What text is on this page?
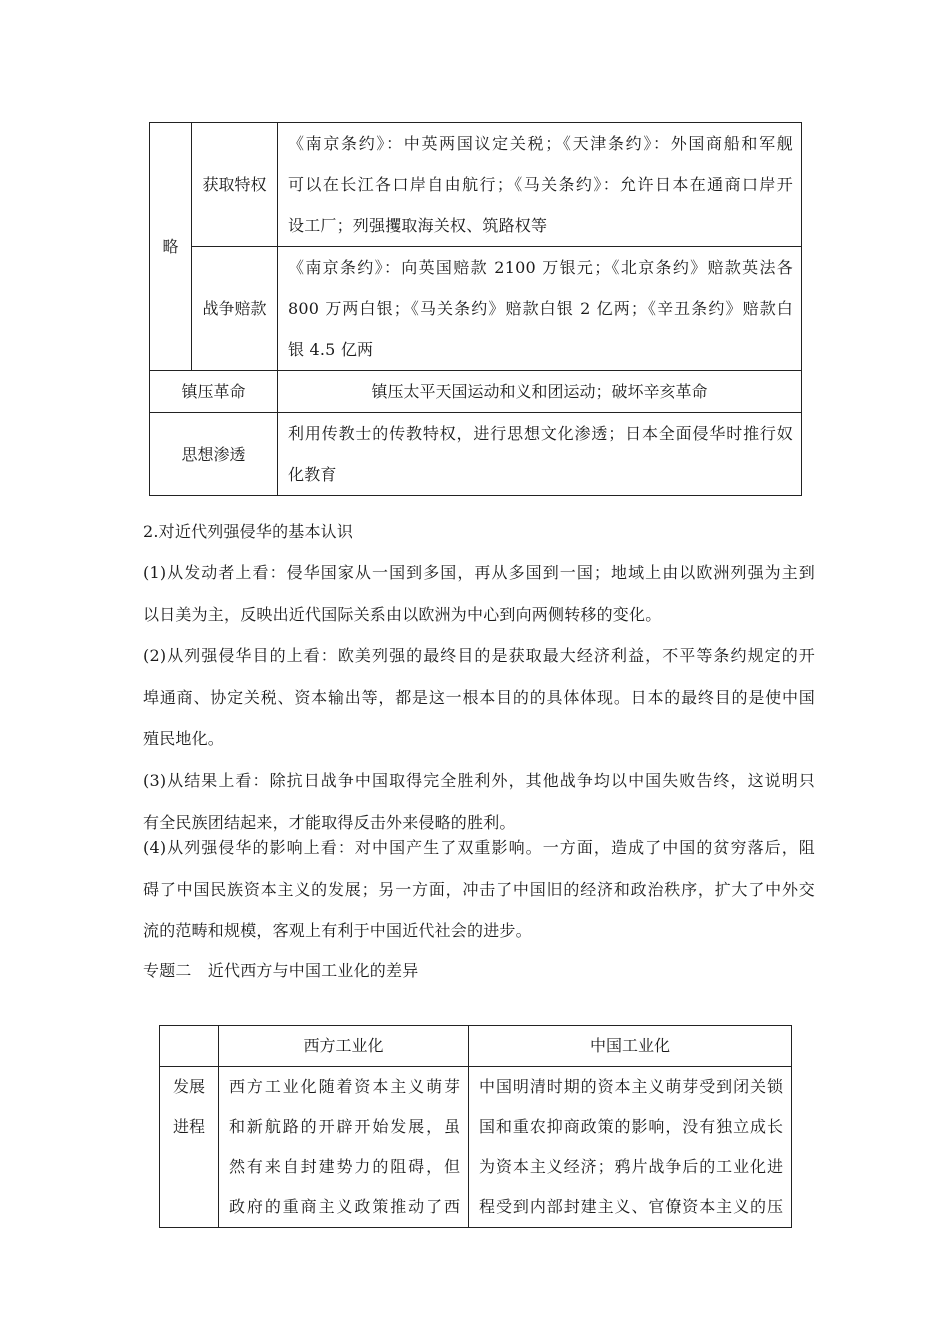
略	获取特权	《南京条约》：中英两国议定关税；《天津条约》：外国商船和军舰
可以在长江各口岸自由航行；《马关条约》：允许日本在通商口岸开
设工厂；列强攫取海关权、筑路权等

	战争赔款	《南京条约》：向英国赔款 2100 万银元；《北京条约》赔款英法各
800 万两白银；《马关条约》赔款白银 2 亿两；《辛丑条约》赔款白
银 4.5 亿两

镇压革命		镇压太平天国运动和义和团运动；破坏辛亥革命
思想渗透		利用传教士的传教特权，进行思想文化渗透；日本全面侵华时推行奴
化教育

2.对近代列强侵华的基本认识

(1)从发动者上看：侵华国家从一国到多国，再从多国到一国；地域上由以欧洲列强为主到
以日美为主，反映出近代国际关系由以欧洲为中心到向两侧转移的变化。

(2)从列强侵华目的上看：欧美列强的最终目的是获取最大经济利益，不平等条约规定的开
埠通商、协定关税、资本输出等，都是这一根本目的的具体体现。日本的最终目的是使中国
殖民地化。

(3)从结果上看：除抗日战争中国取得完全胜利外，其他战争均以中国失败告终，这说明只
有全民族团结起来，才能取得反击外来侵略的胜利。

(4)从列强侵华的影响上看：对中国产生了双重影响。一方面，造成了中国的贫穷落后，阻
碍了中国民族资本主义的发展；另一方面，冲击了中国旧的经济和政治秩序，扩大了中外交
流的范畴和规模，客观上有利于中国近代社会的进步。

专题二　近代西方与中国工业化的差异

	西方工业化	中国工业化

发展
进程	西方工业化随着资本主义萌芽
和新航路的开辟开始发展，虽
然有来自封建势力的阻碍，但
政府的重商主义政策推动了西	中国明清时期的资本主义萌芽受到闭关锁
国和重农抑商政策的影响，没有独立成长
为资本主义经济；鸦片战争后的工业化进
程受到内部封建主义、官僚资本主义的压
